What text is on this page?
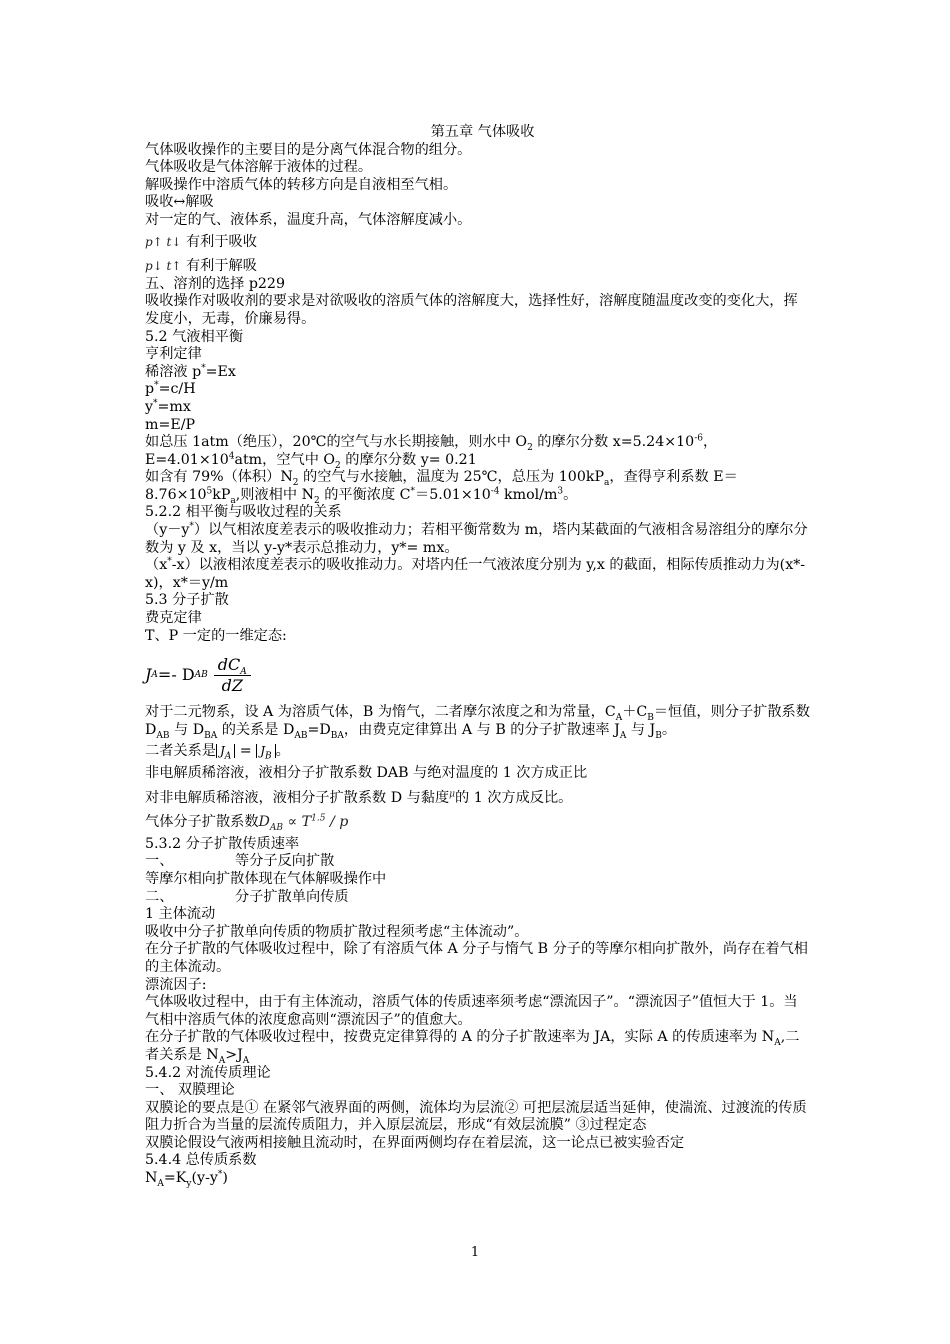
第五章 气体吸收

气体吸收操作的主要目的是分离气体混合物的组分。

气体吸收是气体溶解于液体的过程。

解吸操作中溶质气体的转移方向是自液相至气相。

吸收↔解吸

对一定的气、液体系，温度升高，气体溶解度减小。

p↑ t↓ 有利于吸收

p↓ t↑ 有利于解吸

五、溶剂的选择 p229

吸收操作对吸收剂的要求是对欲吸收的溶质气体的溶解度大，选择性好，溶解度随温度改变的变化大，挥发度小，无毒，价廉易得。

5.2 气液相平衡

亨利定律

稀溶液 p*=Ex

p*=c/H

y*=mx

m=E/P

如总压 1atm（绝压），20℃的空气与水长期接触，则水中 $O_2$ 的摩尔分数 $x=5.24\times 10^{-6}$，$E=4.01\times 10^4atm$，空气中 $O_2$ 的摩尔分数 y= 0.21

如含有 79%（体积）$N_2$ 的空气与水接触，温度为 25℃，总压为 $100kP_a$，查得亨利系数 $E=8.76\times 10^5kP_a$,则液相中 $N_2$ 的平衡浓度 $C^*=5.01\times 10^{-4}$ kmol/$m^3$。

5.2.2 相平衡与吸收过程的关系

（y－y*）以气相浓度差表示的吸收推动力；若相平衡常数为 m，塔内某截面的气液相含易溶组分的摩尔分数为 y 及 x，当以 y-y*表示总推动力，y*= mx。

（x*-x）以液相浓度差表示的吸收推动力。对塔内任一气液浓度分别为 y,x 的截面，相际传质推动力为(x*-x)，x*＝y/m

5.3 分子扩散

费克定律

T、P 一定的一维定态:

J A =- D AB $\frac{dC_A}{dZ}$

对于二元物系，设 A 为溶质气体，B 为惰气，二者摩尔浓度之和为常量，$C_A+C_B=$恒值，则分子扩散系数 $D_{AB}$ 与 $D_{BA}$ 的关系是 $D_{AB}=D_{BA}$，由费克定律算出 A 与 B 的分子扩散速率 $J_A$ 与 $J_B$。

二者关系是 $J_A = J_B$ 。

非电解质稀溶液，液相分子扩散系数 DAB 与绝对温度的 1 次方成正比

对非电解质稀溶液，液相分子扩散系数 D 与黏度$^\mu$的 1 次方成反比。

气体分子扩散系数$D_{AB} \propto T^{1.5} / p$

5.3.2 分子扩散传质速率

一、	等分子反向扩散

等摩尔相向扩散体现在气体解吸操作中

二、	分子扩散单向传质

1 主体流动

吸收中分子扩散单向传质的物质扩散过程须考虑“主体流动”。

在分子扩散的气体吸收过程中，除了有溶质气体 A 分子与惰气 B 分子的等摩尔相向扩散外，尚存在着气相的主体流动。

漂流因子:

气体吸收过程中，由于有主体流动，溶质气体的传质速率须考虑“漂流因子”。“漂流因子”值恒大于 1。当气相中溶质气体的浓度愈高则“漂流因子”的值愈大。

在分子扩散的气体吸收过程中，按费克定律算得的 A 的分子扩散速率为 JA，实际 A 的传质速率为 $N_A$,二者关系是 $N_A>J_A$

5.4.2 对流传质理论

一、 双膜理论

双膜论的要点是① 在紧邻气液界面的两侧，流体均为层流② 可把层流层适当延伸，使湍流、过渡流的传质阻力折合为当量的层流传质阻力，并入原层流层，形成“有效层流膜” ③过程定态

双膜论假设气液两相接触且流动时，在界面两侧均存在着层流，这一论点已被实验否定

5.4.4 总传质系数

$N_A=K_y(y-y^*)$

1
